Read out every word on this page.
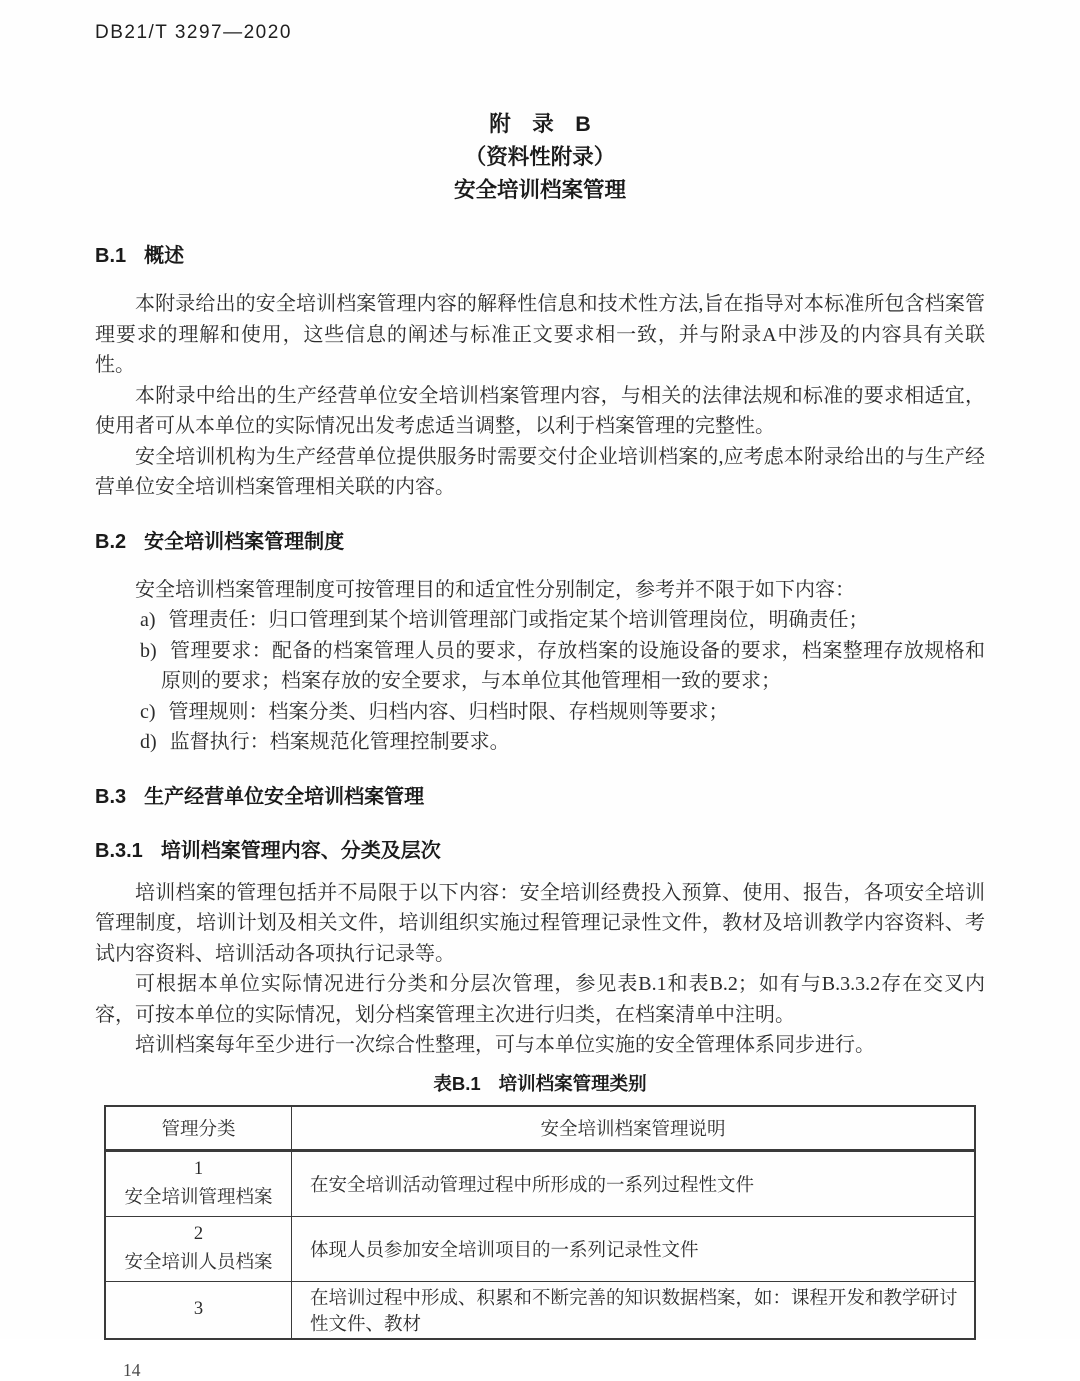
DB21/T 3297—2020
附　录　B
（资料性附录）
安全培训档案管理
B.1 概述

本附录给出的安全培训档案管理内容的解释性信息和技术性方法,旨在指导对本标准所包含档案管理要求的理解和使用，这些信息的阐述与标准正文要求相一致，并与附录A中涉及的内容具有关联性。

本附录中给出的生产经营单位安全培训档案管理内容，与相关的法律法规和标准的要求相适宜，使用者可从本单位的实际情况出发考虑适当调整，以利于档案管理的完整性。

安全培训机构为生产经营单位提供服务时需要交付企业培训档案的,应考虑本附录给出的与生产经营单位安全培训档案管理相关联的内容。

B.2 安全培训档案管理制度

安全培训档案管理制度可按管理目的和适宜性分别制定，参考并不限于如下内容：

a) 管理责任：归口管理到某个培训管理部门或指定某个培训管理岗位，明确责任；
b) 管理要求：配备的档案管理人员的要求，存放档案的设施设备的要求，档案整理存放规格和原则的要求；档案存放的安全要求，与本单位其他管理相一致的要求；
c) 管理规则：档案分类、归档内容、归档时限、存档规则等要求；
d) 监督执行：档案规范化管理控制要求。
B.3 生产经营单位安全培训档案管理
B.3.1 培训档案管理内容、分类及层次

培训档案的管理包括并不局限于以下内容：安全培训经费投入预算、使用、报告，各项安全培训管理制度，培训计划及相关文件，培训组织实施过程管理记录性文件，教材及培训教学内容资料、考试内容资料、培训活动各项执行记录等。

可根据本单位实际情况进行分类和分层次管理，参见表B.1和表B.2；如有与B.3.3.2存在交叉内容，可按本单位的实际情况，划分档案管理主次进行归类，在档案清单中注明。

培训档案每年至少进行一次综合性整理，可与本单位实施的安全管理体系同步进行。

表B.1 培训档案管理类别
管理分类	安全培训档案管理说明

1
安全培训管理档案	在安全培训活动管理过程中所形成的一系列过程性文件

2
安全培训人员档案	体现人员参加安全培训项目的一系列记录性文件

3	在培训过程中形成、积累和不断完善的知识数据档案，如：课程开发和教学研讨性文件、教材
14
